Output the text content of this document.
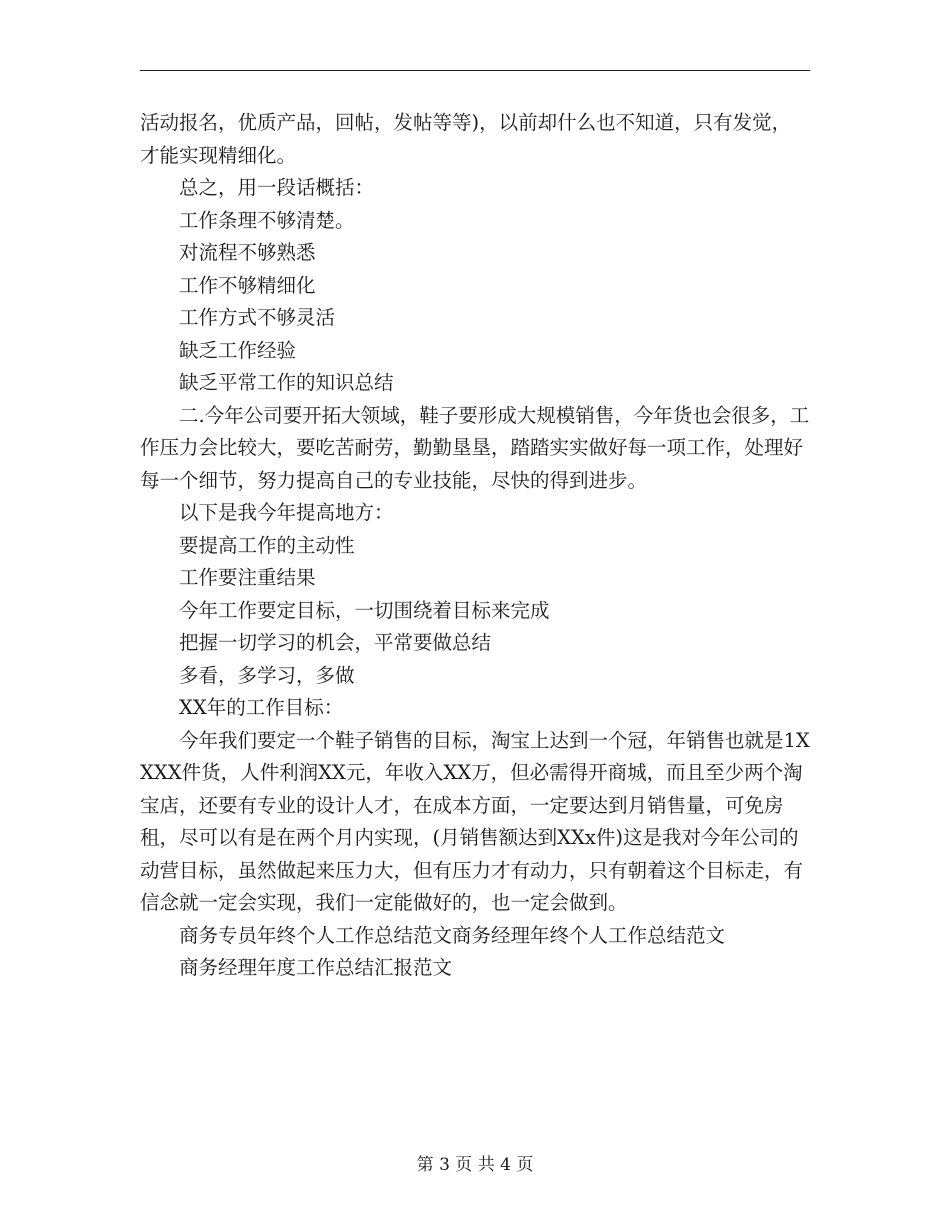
活动报名，优质产品，回帖，发帖等等)，以前却什么也不知道，只有发觉，才能实现精细化。

总之，用一段话概括：

工作条理不够清楚。

对流程不够熟悉

工作不够精细化

工作方式不够灵活

缺乏工作经验

缺乏平常工作的知识总结

二.今年公司要开拓大领域，鞋子要形成大规模销售，今年货也会很多，工作压力会比较大，要吃苦耐劳，勤勤垦垦，踏踏实实做好每一项工作，处理好每一个细节，努力提高自己的专业技能，尽快的得到进步。

以下是我今年提高地方：

要提高工作的主动性

工作要注重结果

今年工作要定目标，一切围绕着目标来完成

把握一切学习的机会，平常要做总结

多看，多学习，多做

XX年的工作目标：

今年我们要定一个鞋子销售的目标，淘宝上达到一个冠，年销售也就是1XXXX件货，人件利润XX元，年收入XX万，但必需得开商城，而且至少两个淘宝店，还要有专业的设计人才，在成本方面，一定要达到月销售量，可免房租，尽可以有是在两个月内实现，(月销售额达到XXx件)这是我对今年公司的动营目标，虽然做起来压力大，但有压力才有动力，只有朝着这个目标走，有信念就一定会实现，我们一定能做好的，也一定会做到。

商务专员年终个人工作总结范文商务经理年终个人工作总结范文

商务经理年度工作总结汇报范文

第 3 页 共 4 页
